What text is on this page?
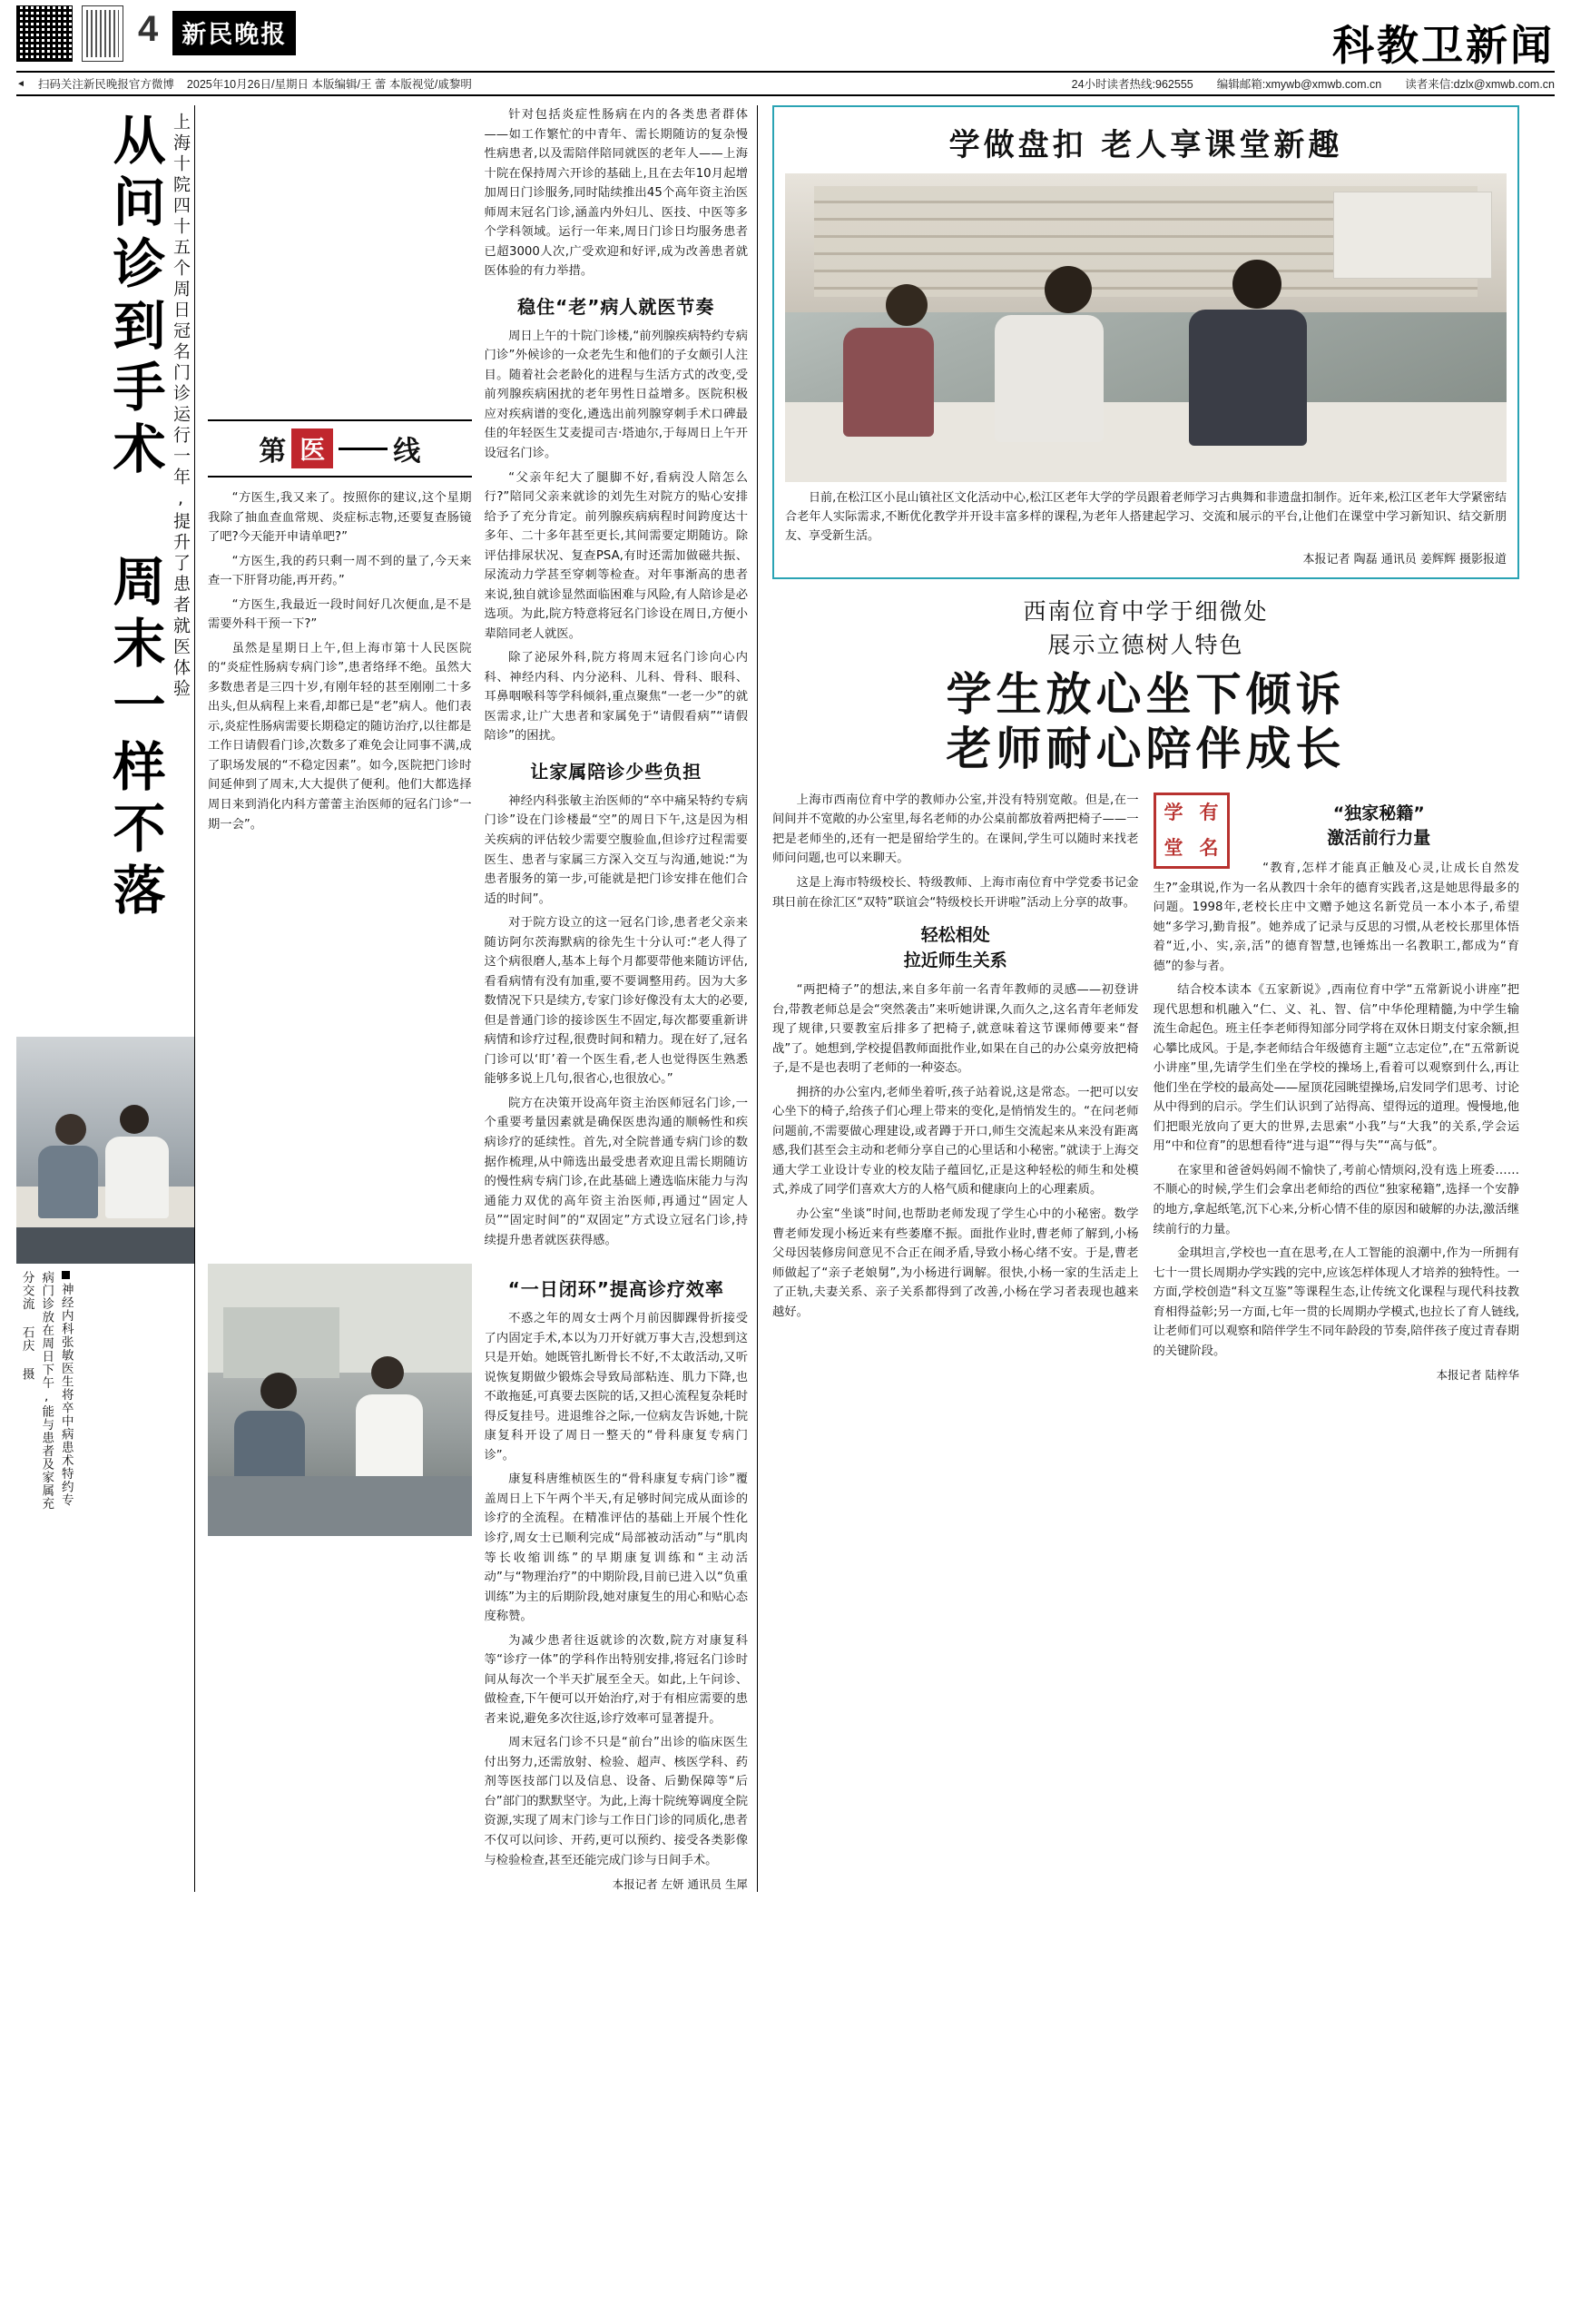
4 新民晚报	科教卫新闻
◄ 扫码关注新民晚报官方微博 2025年10月26日/星期日 本版编辑/王 蕾 本版视觉/戚黎明	24小时读者热线:962555 编辑邮箱:xmywb@xmwb.com.cn 读者来信:dzlx@xmwb.com.cn
上海十院四十五个周日冠名门诊运行一年,提升了患者就医体验
从问诊到手术 周末一样不落
神经内科张敏医生将卒中病患术特约专病门诊放在周日下午,能与患者及家属充分交流 石庆 摄
第 医	线

“方医生,我又来了。按照你的建议,这个星期我除了抽血查血常规、炎症标志物,还要复查肠镜了吧?今天能开申请单吧?”

“方医生,我的药只剩一周不到的量了,今天来查一下肝肾功能,再开药。”

“方医生,我最近一段时间好几次便血,是不是需要外科干预一下?”

虽然是星期日上午,但上海市第十人民医院的“炎症性肠病专病门诊”,患者络绎不绝。虽然大多数患者是三四十岁,有刚年轻的甚至刚刚二十多出头,但从病程上来看,却都已是“老”病人。他们表示,炎症性肠病需要长期稳定的随访治疗,以往都是工作日请假看门诊,次数多了难免会让同事不满,成了职场发展的“不稳定因素”。如今,医院把门诊时间延伸到了周末,大大提供了便利。他们大都选择周日来到消化内科方蕾蕾主治医师的冠名门诊“一期一会”。

针对包括炎症性肠病在内的各类患者群体——如工作繁忙的中青年、需长期随访的复杂慢性病患者,以及需陪伴陪同就医的老年人——上海十院在保持周六开诊的基础上,且在去年10月起增加周日门诊服务,同时陆续推出45个高年资主治医师周末冠名门诊,涵盖内外妇儿、医技、中医等多个学科领域。运行一年来,周日门诊日均服务患者已超3000人次,广受欢迎和好评,成为改善患者就医体验的有力举措。

稳住“老”病人就医节奏

周日上午的十院门诊楼,“前列腺疾病特约专病门诊”外候诊的一众老先生和他们的子女颇引人注目。随着社会老龄化的进程与生活方式的改变,受前列腺疾病困扰的老年男性日益增多。医院积极应对疾病谱的变化,遴选出前列腺穿刺手术口碑最佳的年轻医生艾麦提司吉·塔迪尔,于每周日上午开设冠名门诊。

“父亲年纪大了腿脚不好,看病没人陪怎么行?”陪同父亲来就诊的刘先生对院方的贴心安排给予了充分肯定。前列腺疾病病程时间跨度达十多年、二十多年甚至更长,其间需要定期随访。除评估排尿状况、复查PSA,有时还需加做磁共振、尿流动力学甚至穿刺等检查。对年事渐高的患者来说,独自就诊显然面临困难与风险,有人陪诊是必选项。为此,院方特意将冠名门诊设在周日,方便小辈陪同老人就医。

除了泌尿外科,院方将周末冠名门诊向心内科、神经内科、内分泌科、儿科、骨科、眼科、耳鼻咽喉科等学科倾斜,重点聚焦“一老一少”的就医需求,让广大患者和家属免于“请假看病”“请假陪诊”的困扰。

让家属陪诊少些负担

神经内科张敏主治医师的“卒中痛呆特约专病门诊”设在门诊楼最“空”的周日下午,这是因为相关疾病的评估较少需要空腹验血,但诊疗过程需要医生、患者与家属三方深入交互与沟通,她说:“为患者服务的第一步,可能就是把门诊安排在他们合适的时间”。

对于院方设立的这一冠名门诊,患者老父亲来随访阿尔茨海默病的徐先生十分认可:“老人得了这个病很磨人,基本上每个月都要带他来随访评估,看看病情有没有加重,要不要调整用药。因为大多数情况下只是续方,专家门诊好像没有太大的必要,但是普通门诊的接诊医生不固定,每次都要重新讲病情和诊疗过程,很费时间和精力。现在好了,冠名门诊可以‘盯’着一个医生看,老人也觉得医生熟悉能够多说上几句,很省心,也很放心。”

院方在决策开设高年资主治医师冠名门诊,一个重要考量因素就是确保医患沟通的顺畅性和疾病诊疗的延续性。首先,对全院普通专病门诊的数据作梳理,从中筛选出最受患者欢迎且需长期随访的慢性病专病门诊,在此基础上遴选临床能力与沟通能力双优的高年资主治医师,再通过“固定人员”“固定时间”的“双固定”方式设立冠名门诊,持续提升患者就医获得感。

“一日闭环”提高诊疗效率

不惑之年的周女士两个月前因脚踝骨折接受了内固定手术,本以为刀开好就万事大吉,没想到这只是开始。她既管扎断骨长不好,不太敢活动,又听说恢复期做少锻炼会导致局部粘连、肌力下降,也不敢拖延,可真要去医院的话,又担心流程复杂耗时得反复挂号。进退维谷之际,一位病友告诉她,十院康复科开设了周日一整天的“骨科康复专病门诊”。

康复科唐维桢医生的“骨科康复专病门诊”覆盖周日上下午两个半天,有足够时间完成从面诊的诊疗的全流程。在精准评估的基础上开展个性化诊疗,周女士已顺利完成“局部被动活动”与“肌肉等长收缩训练”的早期康复训练和“主动活动”与“物理治疗”的中期阶段,目前已进入以“负重训练”为主的后期阶段,她对康复生的用心和贴心态度称赞。

为减少患者往返就诊的次数,院方对康复科等“诊疗一体”的学科作出特别安排,将冠名门诊时间从每次一个半天扩展至全天。如此,上午问诊、做检查,下午便可以开始治疗,对于有相应需要的患者来说,避免多次往返,诊疗效率可显著提升。

周末冠名门诊不只是“前台”出诊的临床医生付出努力,还需放射、检验、超声、核医学科、药剂等医技部门以及信息、设备、后勤保障等“后台”部门的默默坚守。为此,上海十院统筹调度全院资源,实现了周末门诊与工作日门诊的同质化,患者不仅可以问诊、开药,更可以预约、接受各类影像与检验检查,甚至还能完成门诊与日间手术。

本报记者 左妍 通讯员 生犀
学做盘扣 老人享课堂新趣
日前,在松江区小昆山镇社区文化活动中心,松江区老年大学的学员跟着老师学习古典舞和非遗盘扣制作。近年来,松江区老年大学紧密结合老年人实际需求,不断优化教学并开设丰富多样的课程,为老年人搭建起学习、交流和展示的平台,让他们在课堂中学习新知识、结交新朋友、享受新生活。
本报记者 陶磊 通讯员 姜辉辉 摄影报道
西南位育中学于细微处
展示立德树人特色
学生放心坐下倾诉
老师耐心陪伴成长

上海市西南位育中学的教师办公室,并没有特别宽敞。但是,在一间间并不宽敞的办公室里,每名老师的办公桌前都放着两把椅子——一把是老师坐的,还有一把是留给学生的。在课间,学生可以随时来找老师问问题,也可以来聊天。

这是上海市特级校长、特级教师、上海市南位育中学党委书记金琪日前在徐汇区“双特”联谊会“特级校长开讲啦”活动上分享的故事。

轻松相处
拉近师生关系

“两把椅子”的想法,来自多年前一名青年教师的灵感——初登讲台,带教老师总是会“突然袭击”来听她讲课,久而久之,这名青年老师发现了规律,只要教室后排多了把椅子,就意味着这节课师傅要来“督战”了。她想到,学校提倡教师面批作业,如果在自己的办公桌旁放把椅子,是不是也表明了老师的一种姿态。

拥挤的办公室内,老师坐着听,孩子站着说,这是常态。一把可以安心坐下的椅子,给孩子们心理上带来的变化,是悄悄发生的。“在问老师问题前,不需要做心理建设,或者蹲于开口,师生交流起来从来没有距离感,我们甚至会主动和老师分享自己的心里话和小秘密。”就读于上海交通大学工业设计专业的校友陆子蕴回忆,正是这种轻松的师生和处模式,养成了同学们喜欢大方的人格气质和健康向上的心理素质。

办公室“坐谈”时间,也帮助老师发现了学生心中的小秘密。数学曹老师发现小杨近来有些萎靡不振。面批作业时,曹老师了解到,小杨父母因装修房间意见不合正在闹矛盾,导致小杨心绪不安。于是,曹老师做起了“亲子老娘舅”,为小杨进行调解。很快,小杨一家的生活走上了正轨,夫妻关系、亲子关系都得到了改善,小杨在学习者表现也越来越好。

学 有
堂 名
“独家秘籍”
激活前行力量

“教育,怎样才能真正触及心灵,让成长自然发生?”金琪说,作为一名从教四十余年的德育实践者,这是她思得最多的问题。1998年,老校长庄中文赠予她这名新党员一本小本子,希望她“多学习,勤肯报”。她养成了记录与反思的习惯,从老校长那里体悟着“近,小、实,亲,活”的德育智慧,也锤炼出一名教职工,都成为“育德”的参与者。

结合校本读本《五家新说》,西南位育中学“五常新说小讲座”把现代思想和机融入“仁、义、礼、智、信”中华伦理精髓,为中学生输流生命起色。班主任李老师得知部分同学将在双休日期支付家余额,担心攀比成风。于是,李老师结合年级德育主题“立志定位”,在“五常新说小讲座”里,先请学生们坐在学校的操场上,看着可以观察到什么,再让他们坐在学校的最高处——屋顶花园眺望操场,启发同学们思考、讨论从中得到的启示。学生们认识到了站得高、望得远的道理。慢慢地,他们把眼光放向了更大的世界,去思索“小我”与“大我”的关系,学会运用“中和位育”的思想看待“进与退”“得与失”“高与低”。

在家里和爸爸妈妈闹不愉快了,考前心情烦闷,没有选上班委……不顺心的时候,学生们会拿出老师给的西位“独家秘籍”,选择一个安静的地方,拿起纸笔,沉下心来,分析心情不佳的原因和破解的办法,激活继续前行的力量。

金琪坦言,学校也一直在思考,在人工智能的浪潮中,作为一所拥有七十一贯长周期办学实践的完中,应该怎样体现人才培养的独特性。一方面,学校创造“科文互鉴”等课程生态,让传统文化课程与现代科技教育相得益彰;另一方面,七年一贯的长周期办学模式,也拉长了育人链线,让老师们可以观察和陪伴学生不同年龄段的节奏,陪伴孩子度过青春期的关键阶段。

本报记者 陆梓华
